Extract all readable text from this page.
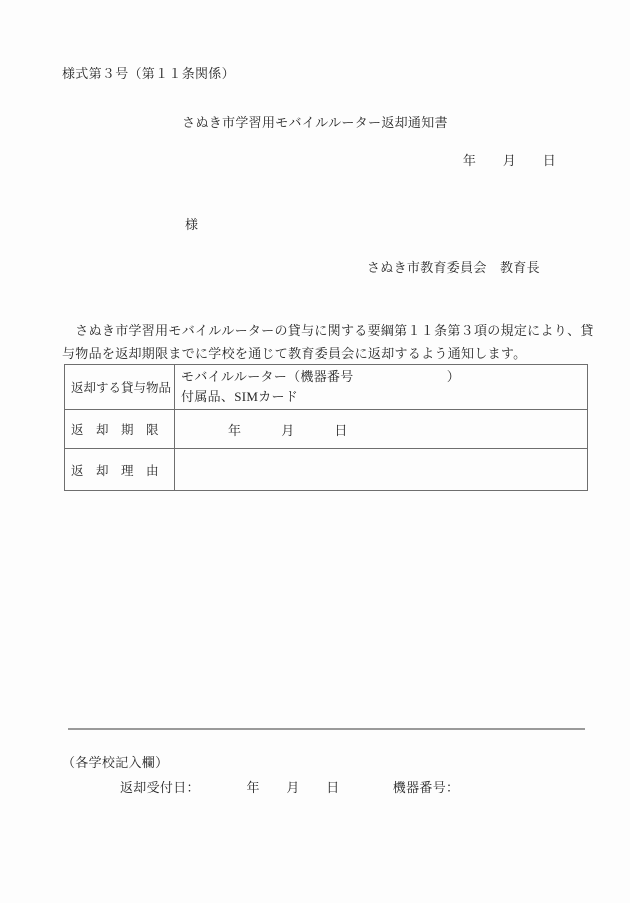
様式第３号（第１１条関係）
さぬき市学習用モバイルルーター返却通知書
年　　月　　日
様
さぬき市教育委員会　教育長
　さぬき市学習用モバイルルーターの貸与に関する要綱第１１条第３項の規定により、貸
与物品を返却期限までに学校を通じて教育委員会に返却するよう通知します。
返却する貸与物品	モバイルルーター（機器番号　　　　　　　）
付属品、SIMカード

返　却　期　限	年　　　月　　　日

返　却　理　由	
（各学校記入欄）
返却受付日：　　　　年　　月　　日　　　　機器番号：
